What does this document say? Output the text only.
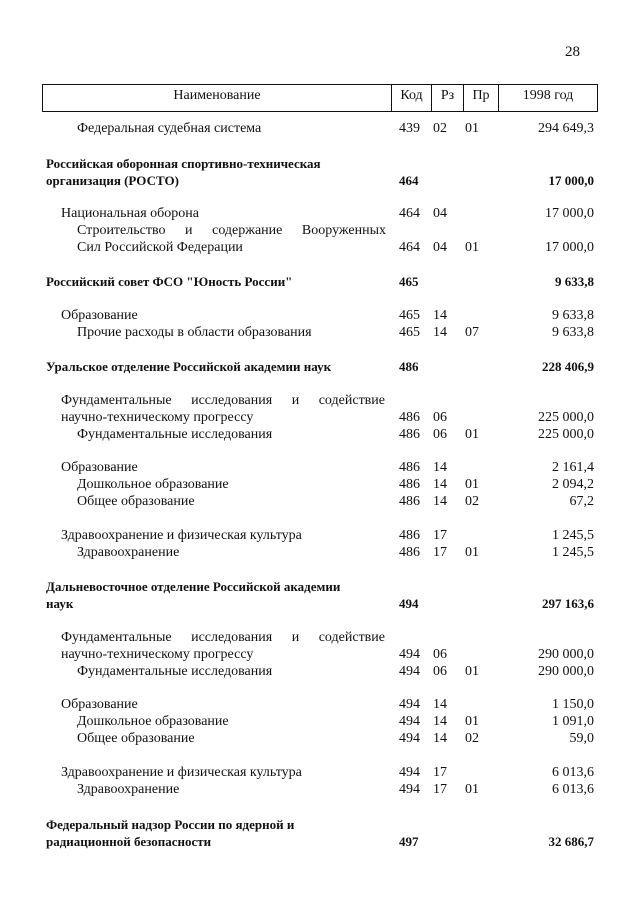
28
Наименование	Код	Рз	Пр	1998 год
Федеральная судебная система	439 02 01	294 649,3
Российская оборонная спортивно-техническая
организация (РОСТО)	464	17 000,0
Национальная оборона	464 04	17 000,0
Строительство и содержание Вооруженных
Сил Российской Федерации	464 04 01	17 000,0
Российский совет ФСО "Юность России"	465	9 633,8
Образование	465 14	9 633,8
Прочие расходы в области образования	465 14 07	9 633,8
Уральское отделение Российской академии наук	486	228 406,9
Фундаментальные исследования и содействие
научно-техническому прогрессу	486 06	225 000,0
Фундаментальные исследования	486 06 01	225 000,0
Образование	486 14	2 161,4
Дошкольное образование	486 14 01	2 094,2
Общее образование	486 14 02	67,2
Здравоохранение и физическая культура	486 17	1 245,5
Здравоохранение	486 17 01	1 245,5
Дальневосточное отделение Российской академии
наук	494	297 163,6
Фундаментальные исследования и содействие
научно-техническому прогрессу	494 06	290 000,0
Фундаментальные исследования	494 06 01	290 000,0
Образование	494 14	1 150,0
Дошкольное образование	494 14 01	1 091,0
Общее образование	494 14 02	59,0
Здравоохранение и физическая культура	494 17	6 013,6
Здравоохранение	494 17 01	6 013,6
Федеральный надзор России по ядерной и
радиационной безопасности	497	32 686,7
